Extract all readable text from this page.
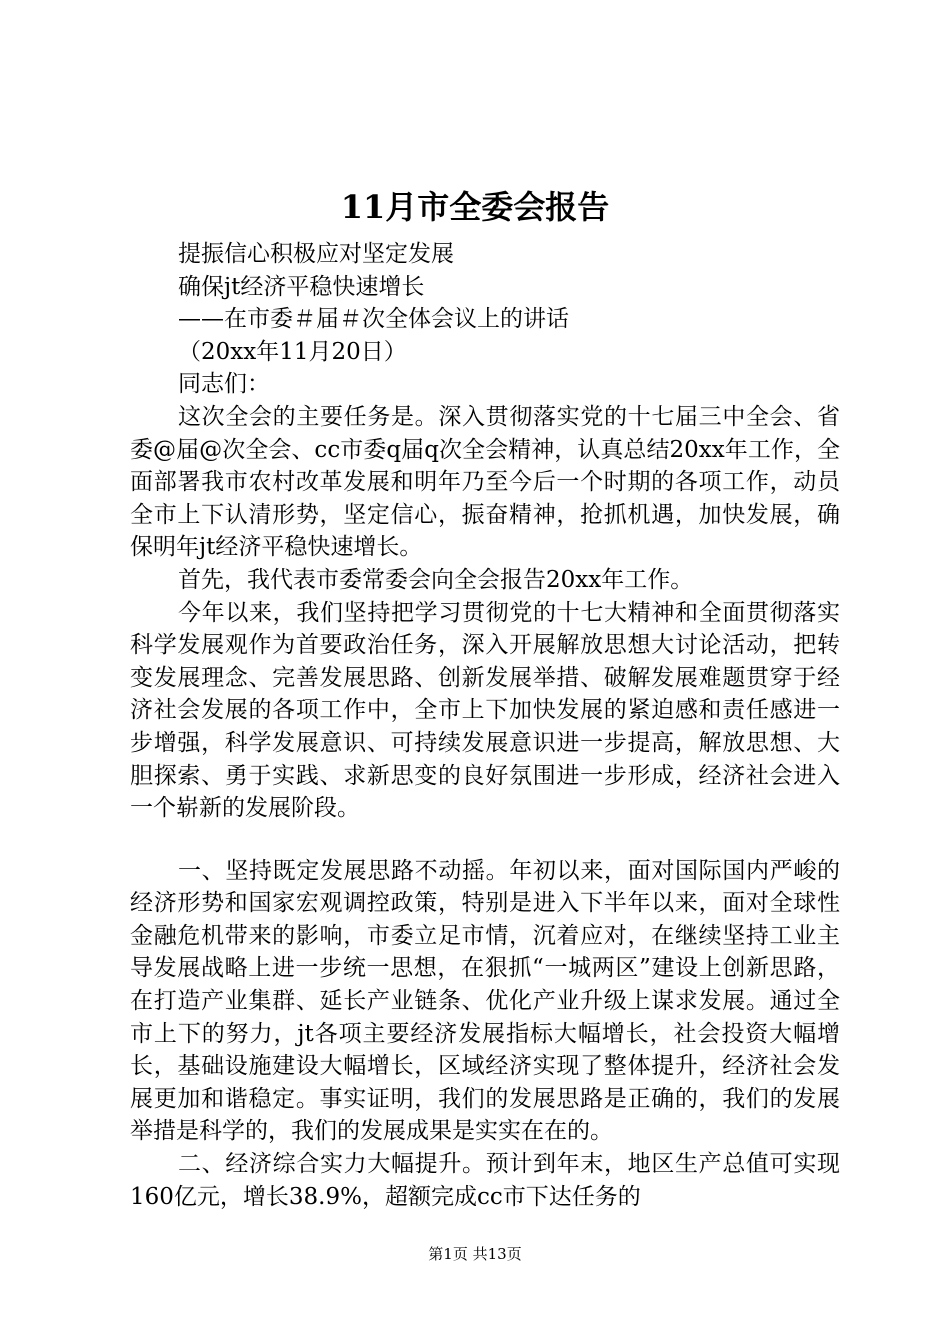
11月市全委会报告

提振信心积极应对坚定发展

确保jt经济平稳快速增长

——在市委＃届＃次全体会议上的讲话

（20xx年11月20日）

同志们：

这次全会的主要任务是。深入贯彻落实党的十七届三中全会、省委@届@次全会、cc市委q届q次全会精神，认真总结20xx年工作，全面部署我市农村改革发展和明年乃至今后一个时期的各项工作，动员全市上下认清形势，坚定信心，振奋精神，抢抓机遇，加快发展，确保明年jt经济平稳快速增长。

首先，我代表市委常委会向全会报告20xx年工作。

今年以来，我们坚持把学习贯彻党的十七大精神和全面贯彻落实科学发展观作为首要政治任务，深入开展解放思想大讨论活动，把转变发展理念、完善发展思路、创新发展举措、破解发展难题贯穿于经济社会发展的各项工作中，全市上下加快发展的紧迫感和责任感进一步增强，科学发展意识、可持续发展意识进一步提高，解放思想、大胆探索、勇于实践、求新思变的良好氛围进一步形成，经济社会进入一个崭新的发展阶段。

一、坚持既定发展思路不动摇。年初以来，面对国际国内严峻的经济形势和国家宏观调控政策，特别是进入下半年以来，面对全球性金融危机带来的影响，市委立足市情，沉着应对，在继续坚持工业主导发展战略上进一步统一思想，在狠抓“一城两区”建设上创新思路，在打造产业集群、延长产业链条、优化产业升级上谋求发展。通过全市上下的努力，jt各项主要经济发展指标大幅增长，社会投资大幅增长，基础设施建设大幅增长，区域经济实现了整体提升，经济社会发展更加和谐稳定。事实证明，我们的发展思路是正确的，我们的发展举措是科学的，我们的发展成果是实实在在的。

二、经济综合实力大幅提升。预计到年末，地区生产总值可实现160亿元，增长38.9%，超额完成cc市下达任务的

第1页 共13页
